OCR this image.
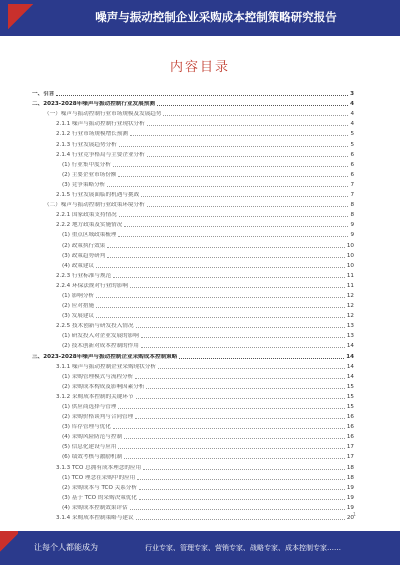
噪声与振动控制企业采购成本控制策略研究报告
内容目录
一、引言	3
二、2023-2028年噪声与振动控制行业发展预测	4
（一）噪声与振动控制行业市场规模及发展趋势	4
2.1.1 噪声与振动控制行业现状分析	4
2.1.2 行业市场规模增长预测	5
2.1.3 行业发展趋势分析	5
2.1.4 行业竞争格局与主要企业分析	6
(1) 行业集中度分析	6
(2) 主要企业市场份额	6
(3) 竞争策略分析	7
2.1.5 行业发展面临的机遇与挑战	7
（二）噪声与振动控制行业政策环境分析	8
2.2.1 国家政策支持情况	8
2.2.2 地方政策及实施情况	9
(1) 重点区域政策梳理	9
(2) 政策执行效果	10
(3) 政策趋势研判	10
(4) 政策建议	10
2.2.3 行业标准与规范	11
2.2.4 环保法规对行业的影响	11
(1) 影响分析	12
(2) 应对措施	12
(3) 发展建议	12
2.2.5 技术创新与研发投入情况	13
(1) 研发投入对企业发展的影响	13
(2) 技术创新对成本控制的作用	14
三、2023-2028年噪声与振动控制企业采购成本控制策略	14
3.1.1 噪声与振动控制企业采购现状分析	14
(1) 采购管理模式与流程分析	14
(2) 采购成本构成及影响因素分析	15
3.1.2 采购成本控制的关键环节	15
(1) 供应商选择与管理	15
(2) 采购价格谈判与合同管理	16
(3) 库存管理与优化	16
(4) 采购风险防范与控制	16
(5) 信息化建设与应用	17
(6) 绩效考核与激励机制	17
3.1.3 TCO 总拥有成本理念的应用	18
(1) TCO 理念在采购中的应用	18
(2) 采购成本与 TCO 关系分析	19
(3) 基于 TCO 的采购决策优化	19
(4) 采购成本控制效果评估	19
3.1.4 采购成本控制策略与建议	20
1
让每个人都能成为	行业专家、管理专家、营销专家、战略专家、成本控制专家……
